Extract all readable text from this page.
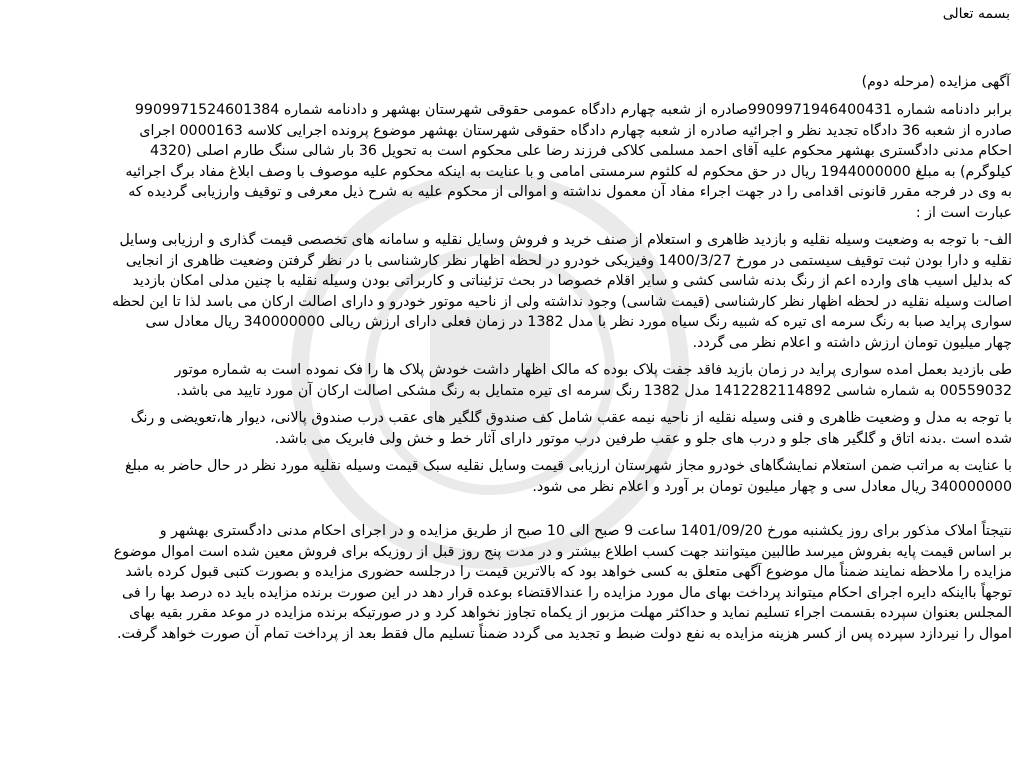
بسمه تعالی
آگهی مزایده (مرحله دوم)

برابر دادنامه شماره 9909971946400431صادره از شعبه چهارم دادگاه عمومی حقوقی شهرستان بهشهر و دادنامه شماره 9909971524601384

صادره از شعبه 36 دادگاه تجدید نظر و اجرائیه صادره از شعبه چهارم دادگاه حقوقی شهرستان بهشهر موضوع پرونده اجرایی کلاسه 0000163 اجرای

احکام مدنی دادگستری بهشهر محکوم علیه آقای احمد مسلمی کلاکی فرزند رضا علی محکوم است به تحویل 36 بار شالی سنگ طارم اصلی (4320

کیلوگرم) به مبلغ 1944000000 ریال در حق محکوم له کلثوم سرمستی امامی و با عنایت به اینکه محکوم علیه موصوف با وصف ابلاغ مفاد برگ اجرائیه

به وی در فرجه مقرر قانونی اقدامی را در جهت اجراء مفاد آن معمول نداشته و اموالی از محکوم علیه به شرح ذیل معرفی و توقیف وارزیابی گردیده که

عبارت است از :

الف- با توجه به وضعیت وسیله نقلیه و بازدید ظاهری و استعلام از صنف خرید و فروش وسایل نقلیه و سامانه های تخصصی قیمت گذاری و ارزیابی وسایل

نقلیه و دارا بودن ثبت توقیف سیستمی در مورخ 1400/3/27 وفیزیکی خودرو در لحظه اظهار نظر کارشناسی با در نظر گرفتن وضعیت ظاهری از انجایی

که بدلیل اسیب های وارده اعم از رنگ بدنه شاسی کشی و سایر اقلام خصوصا در بحث تزئیناتی و کاربراتی بودن وسیله نقلیه با چنین مدلی امکان بازدید

اصالت وسیله نقلیه در لحظه اظهار نظر کارشناسی (قیمت شاسی) وجود نداشته ولی از ناحیه موتور خودرو و دارای اصالت ارکان می باسد لذا تا این لحظه

سواری پراید صبا به رنگ سرمه ای تیره که شبیه رنگ سیاه مورد نظر با مدل 1382 در زمان فعلی دارای ارزش ریالی 340000000 ریال معادل سی

چهار میلیون تومان ارزش داشته و اعلام نظر می گردد.

طی بازدید بعمل امده سواری پراید در زمان بازید فاقد جفت پلاک بوده که مالک اظهار داشت خودش پلاک ها را فک نموده است به شماره موتور

00559032 به شماره شاسی 1412282114892 مدل 1382 رنگ سرمه ای تیره متمایل به رنگ مشکی اصالت ارکان آن مورد تایید می باشد.

با توجه به مدل و وضعیت ظاهری و فنی وسیله نقلیه از ناحیه نیمه عقب شامل کف صندوق گلگیر های عقب درب صندوق پالانی، دیوار ها،تعویضی و رنگ

شده است .بدنه اتاق و گلگیر های جلو و درب های جلو و عقب طرفین درب موتور دارای آثار خط و خش ولی فابریک می باشد.

با عنایت به مراتب ضمن استعلام نمایشگاهای خودرو مجاز شهرستان ارزیابی قیمت وسایل نقلیه سبک قیمت وسیله نقلیه مورد نظر در حال حاضر به مبلغ

340000000 ریال معادل سی و چهار میلیون تومان بر آورد و اعلام نظر می شود.

نتیجتاً املاک مذکور برای روز یکشنبه مورخ 1401/09/20 ساعت 9 صبح الی 10 صبح از طریق مزایده و در اجرای احکام مدنی دادگستری بهشهر و

بر اساس قیمت پایه بفروش میرسد طالبین میتوانند جهت کسب اطلاع بیشتر و در مدت پنج روز قبل از روزیکه برای فروش معین شده است اموال موضوع

مزایده را ملاحظه نمایند ضمناً مال موضوع آگهی متعلق به کسی خواهد بود که بالاترین قیمت را درجلسه حضوری مزایده و بصورت کتبی قبول کرده باشد

توجهاً بااینکه دایره اجرای احکام میتواند پرداخت بهای مال مورد مزایده را عندالاقتضاء بوعده قرار دهد در این صورت برنده مزایده باید ده درصد بها را فی

المجلس بعنوان سپرده بقسمت اجراء تسلیم نماید و حداکثر مهلت مزبور از یکماه تجاوز نخواهد کرد و در صورتیکه برنده مزایده در موعد مقرر بقیه بهای

اموال را نیردازد سپرده پس از کسر هزینه مزایده به نفع دولت ضبط و تجدید می گردد ضمناً تسلیم مال فقط بعد از پرداخت تمام آن صورت خواهد گرفت.
